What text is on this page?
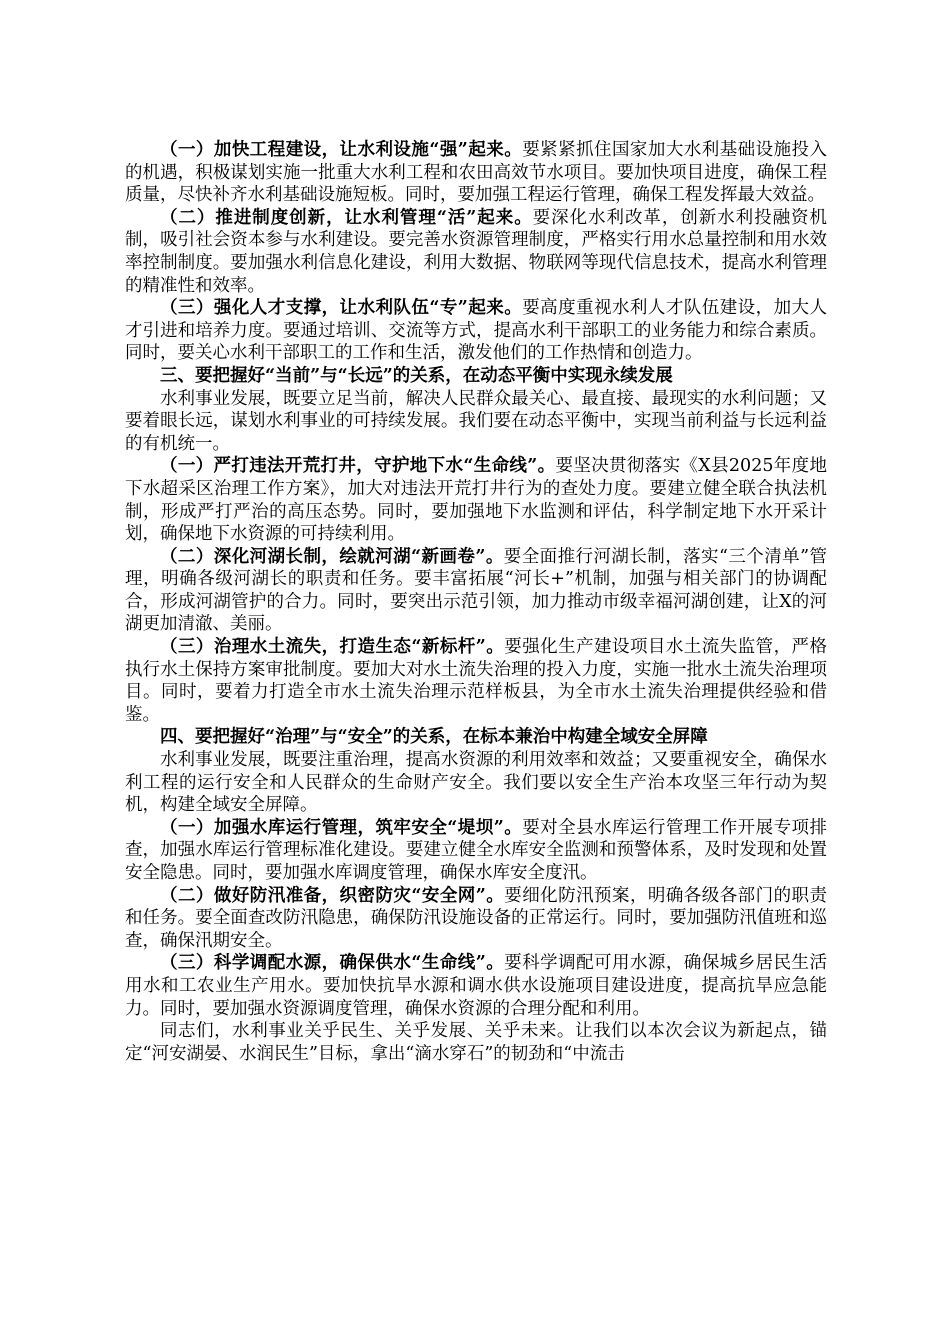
（一）加快工程建设，让水利设施“强”起来。要紧紧抓住国家加大水利基础设施投入的机遇，积极谋划实施一批重大水利工程和农田高效节水项目。要加快项目进度，确保工程质量，尽快补齐水利基础设施短板。同时，要加强工程运行管理，确保工程发挥最大效益。

（二）推进制度创新，让水利管理“活”起来。要深化水利改革，创新水利投融资机制，吸引社会资本参与水利建设。要完善水资源管理制度，严格实行用水总量控制和用水效率控制制度。要加强水利信息化建设，利用大数据、物联网等现代信息技术，提高水利管理的精准性和效率。

（三）强化人才支撑，让水利队伍“专”起来。要高度重视水利人才队伍建设，加大人才引进和培养力度。要通过培训、交流等方式，提高水利干部职工的业务能力和综合素质。同时，要关心水利干部职工的工作和生活，激发他们的工作热情和创造力。

三、要把握好“当前”与“长远”的关系，在动态平衡中实现永续发展

水利事业发展，既要立足当前，解决人民群众最关心、最直接、最现实的水利问题；又要着眼长远，谋划水利事业的可持续发展。我们要在动态平衡中，实现当前利益与长远利益的有机统一。

（一）严打违法开荒打井，守护地下水“生命线”。要坚决贯彻落实《X县2025年度地下水超采区治理工作方案》，加大对违法开荒打井行为的查处力度。要建立健全联合执法机制，形成严打严治的高压态势。同时，要加强地下水监测和评估，科学制定地下水开采计划，确保地下水资源的可持续利用。

（二）深化河湖长制，绘就河湖“新画卷”。要全面推行河湖长制，落实“三个清单”管理，明确各级河湖长的职责和任务。要丰富拓展“河长+”机制，加强与相关部门的协调配合，形成河湖管护的合力。同时，要突出示范引领，加力推动市级幸福河湖创建，让X的河湖更加清澈、美丽。

（三）治理水土流失，打造生态“新标杆”。要强化生产建设项目水土流失监管，严格执行水土保持方案审批制度。要加大对水土流失治理的投入力度，实施一批水土流失治理项目。同时，要着力打造全市水土流失治理示范样板县，为全市水土流失治理提供经验和借鉴。

四、要把握好“治理”与“安全”的关系，在标本兼治中构建全域安全屏障

水利事业发展，既要注重治理，提高水资源的利用效率和效益；又要重视安全，确保水利工程的运行安全和人民群众的生命财产安全。我们要以安全生产治本攻坚三年行动为契机，构建全域安全屏障。

（一）加强水库运行管理，筑牢安全“堤坝”。要对全县水库运行管理工作开展专项排查，加强水库运行管理标准化建设。要建立健全水库安全监测和预警体系，及时发现和处置安全隐患。同时，要加强水库调度管理，确保水库安全度汛。

（二）做好防汛准备，织密防灾“安全网”。要细化防汛预案，明确各级各部门的职责和任务。要全面查改防汛隐患，确保防汛设施设备的正常运行。同时，要加强防汛值班和巡查，确保汛期安全。

（三）科学调配水源，确保供水“生命线”。要科学调配可用水源，确保城乡居民生活用水和工农业生产用水。要加快抗旱水源和调水供水设施项目建设进度，提高抗旱应急能力。同时，要加强水资源调度管理，确保水资源的合理分配和利用。

同志们，水利事业关乎民生、关乎发展、关乎未来。让我们以本次会议为新起点，锚定“河安湖晏、水润民生”目标，拿出“滴水穿石”的韧劲和“中流击
